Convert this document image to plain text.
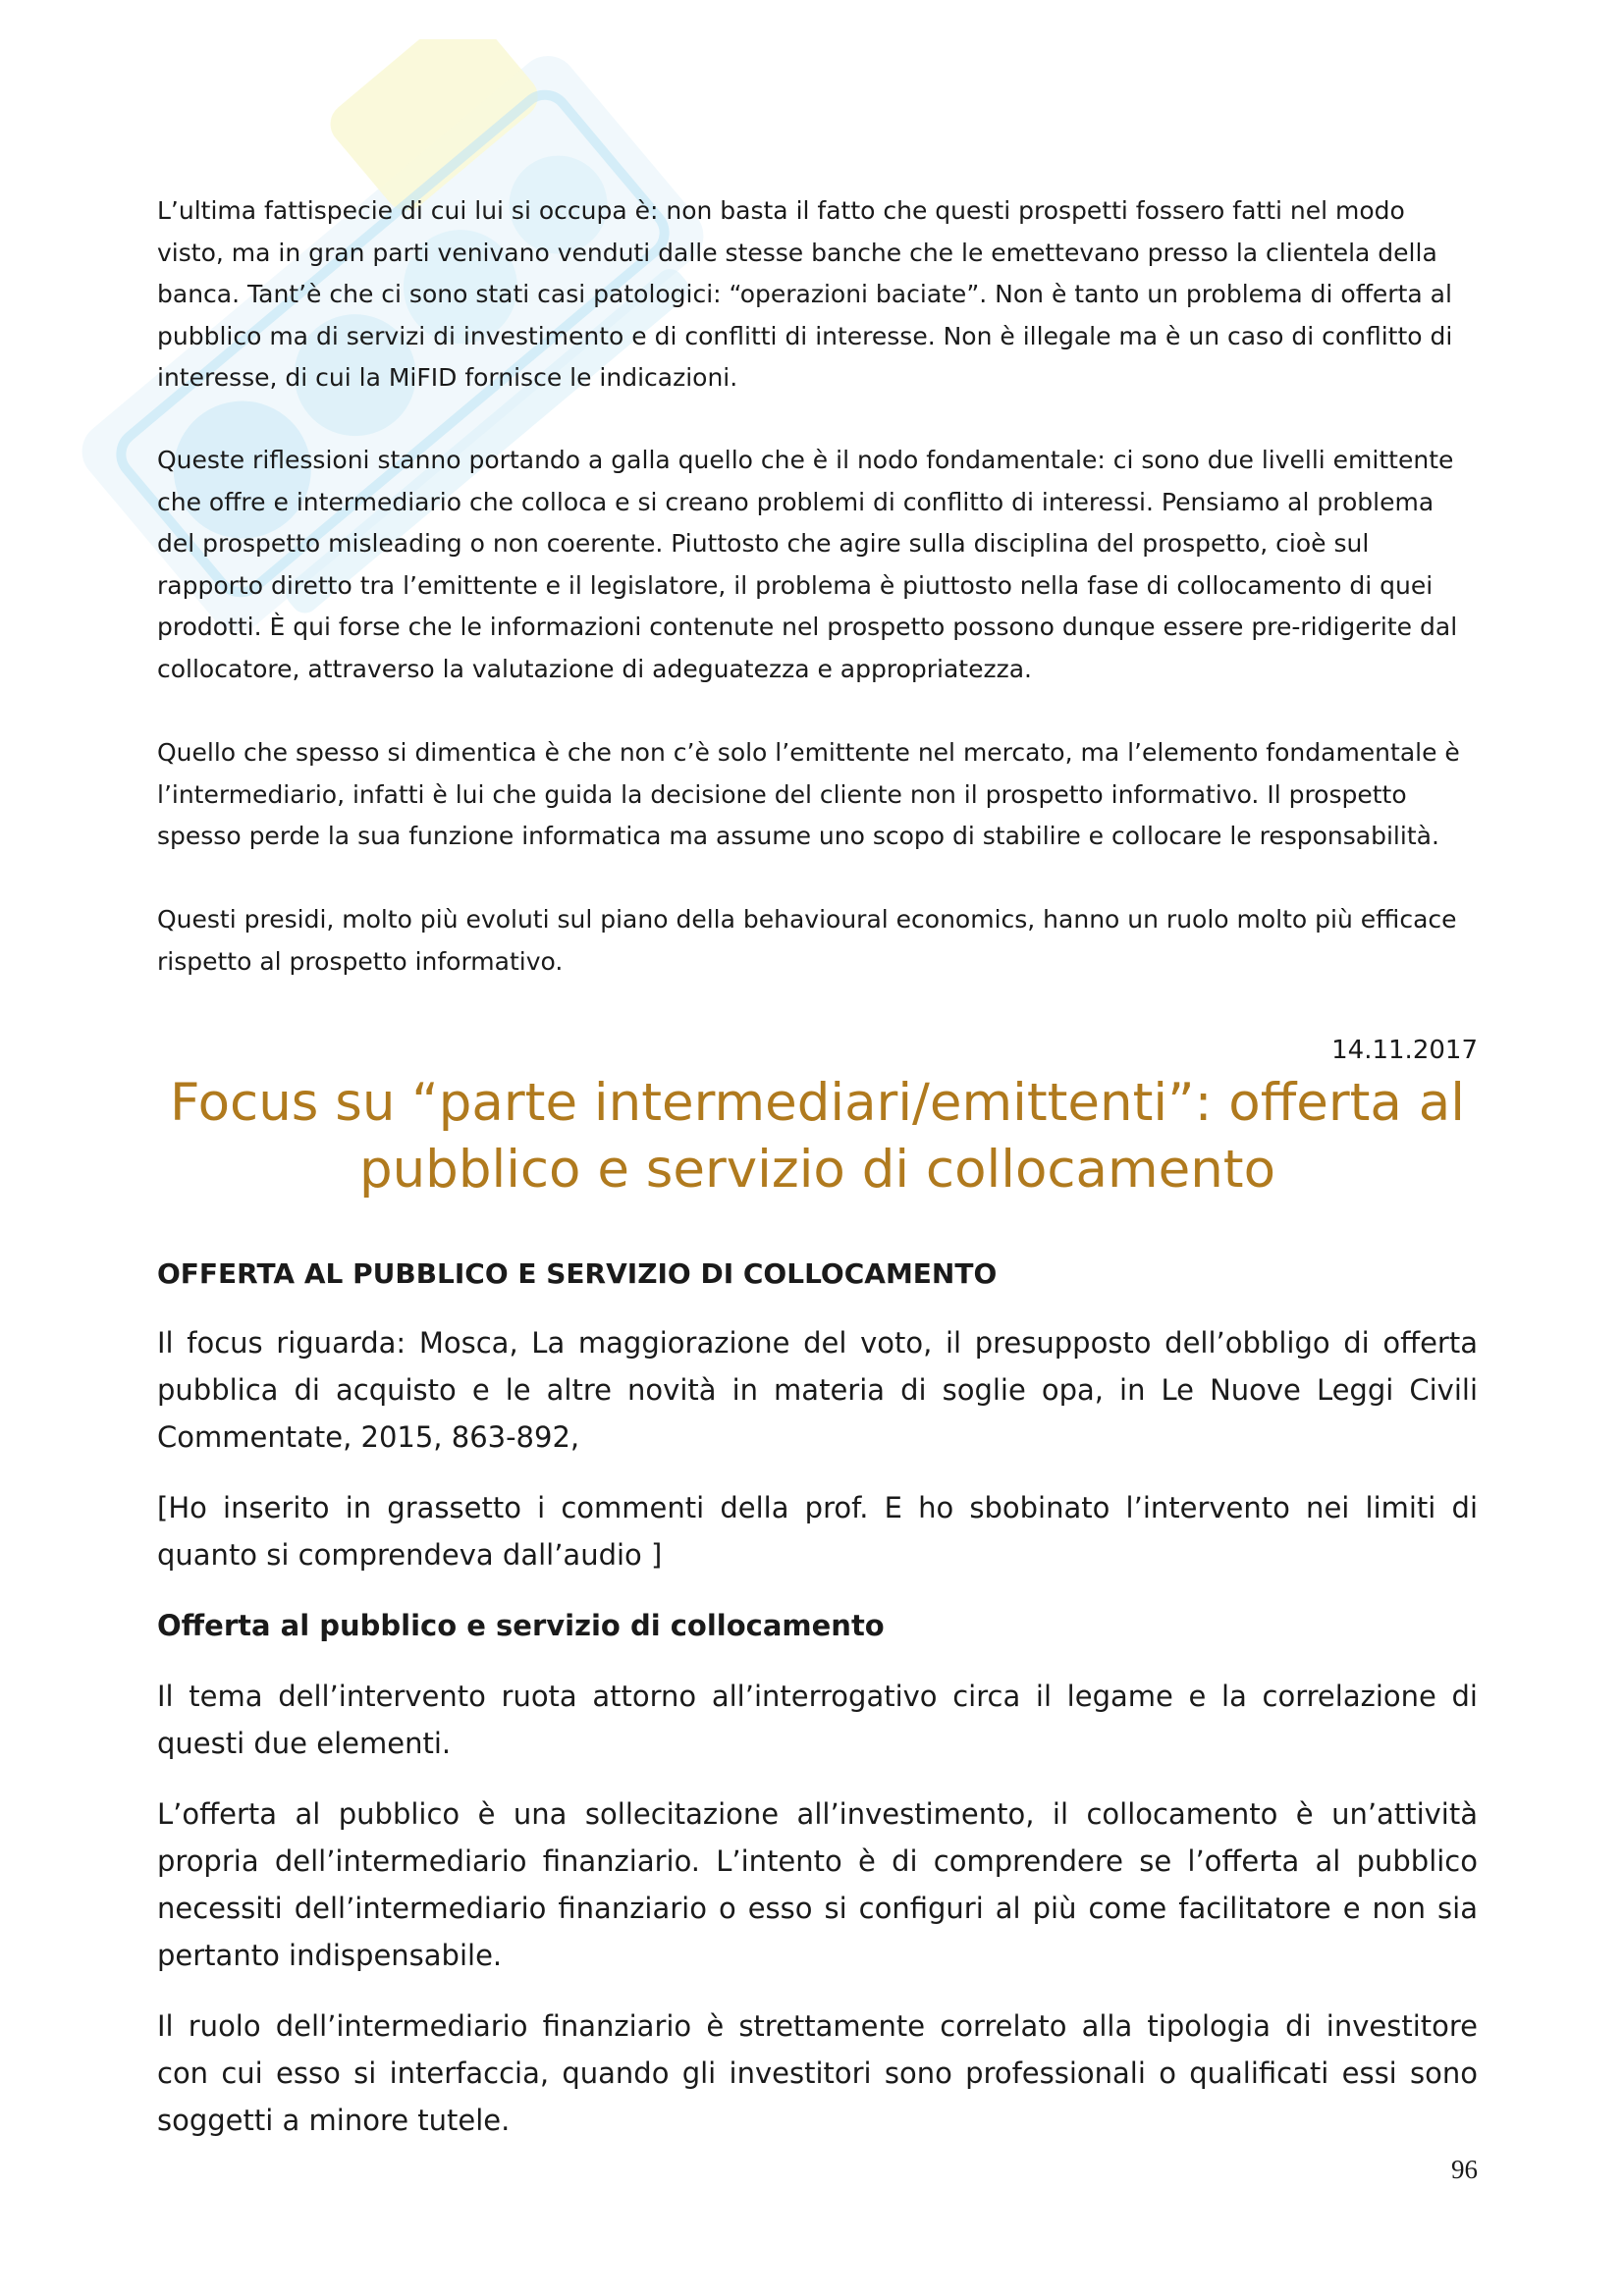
L’ultima fattispecie di cui lui si occupa è: non basta il fatto che questi prospetti fossero fatti nel modo visto, ma in gran parti venivano venduti dalle stesse banche che le emettevano presso la clientela della banca. Tant’è che ci sono stati casi patologici: “operazioni baciate”. Non è tanto un problema di offerta al pubblico ma di servizi di investimento e di conflitti di interesse. Non è illegale ma è un caso di conflitto di interesse, di cui la MiFID fornisce le indicazioni.

Queste riflessioni stanno portando a galla quello che è il nodo fondamentale: ci sono due livelli emittente che offre e intermediario che colloca e si creano problemi di conflitto di interessi. Pensiamo al problema del prospetto misleading o non coerente. Piuttosto che agire sulla disciplina del prospetto, cioè sul rapporto diretto tra l’emittente e il legislatore, il problema è piuttosto nella fase di collocamento di quei prodotti. È qui forse che le informazioni contenute nel prospetto possono dunque essere pre-ridigerite dal collocatore, attraverso la valutazione di adeguatezza e appropriatezza.

Quello che spesso si dimentica è che non c’è solo l’emittente nel mercato, ma l’elemento fondamentale è l’intermediario, infatti è lui che guida la decisione del cliente non il prospetto informativo. Il prospetto spesso perde la sua funzione informatica ma assume uno scopo di stabilire e collocare le responsabilità.

Questi presidi, molto più evoluti sul piano della behavioural economics, hanno un ruolo molto più efficace rispetto al prospetto informativo.

14.11.2017
Focus su “parte intermediari/emittenti”: offerta al
pubblico e servizio di collocamento
OFFERTA AL PUBBLICO E SERVIZIO DI COLLOCAMENTO

Il focus riguarda: Mosca, La maggiorazione del voto, il presupposto dell’obbligo di offerta pubblica di acquisto e le altre novità in materia di soglie opa, in Le Nuove Leggi Civili Commentate, 2015, 863-892,

[Ho inserito in grassetto i commenti della prof. E ho sbobinato l’intervento nei limiti di quanto si comprendeva dall’audio ]

Offerta al pubblico e servizio di collocamento

Il tema dell’intervento ruota attorno all’interrogativo circa il legame e la correlazione di questi due elementi.

L’offerta al pubblico è una sollecitazione all’investimento, il collocamento è un’attività propria dell’intermediario finanziario. L’intento è di comprendere se l’offerta al pubblico necessiti dell’intermediario finanziario o esso si configuri al più come facilitatore e non sia pertanto indispensabile.

Il ruolo dell’intermediario finanziario è strettamente correlato alla tipologia di investitore con cui esso si interfaccia, quando gli investitori sono professionali o qualificati essi sono soggetti a minore tutele.

96
